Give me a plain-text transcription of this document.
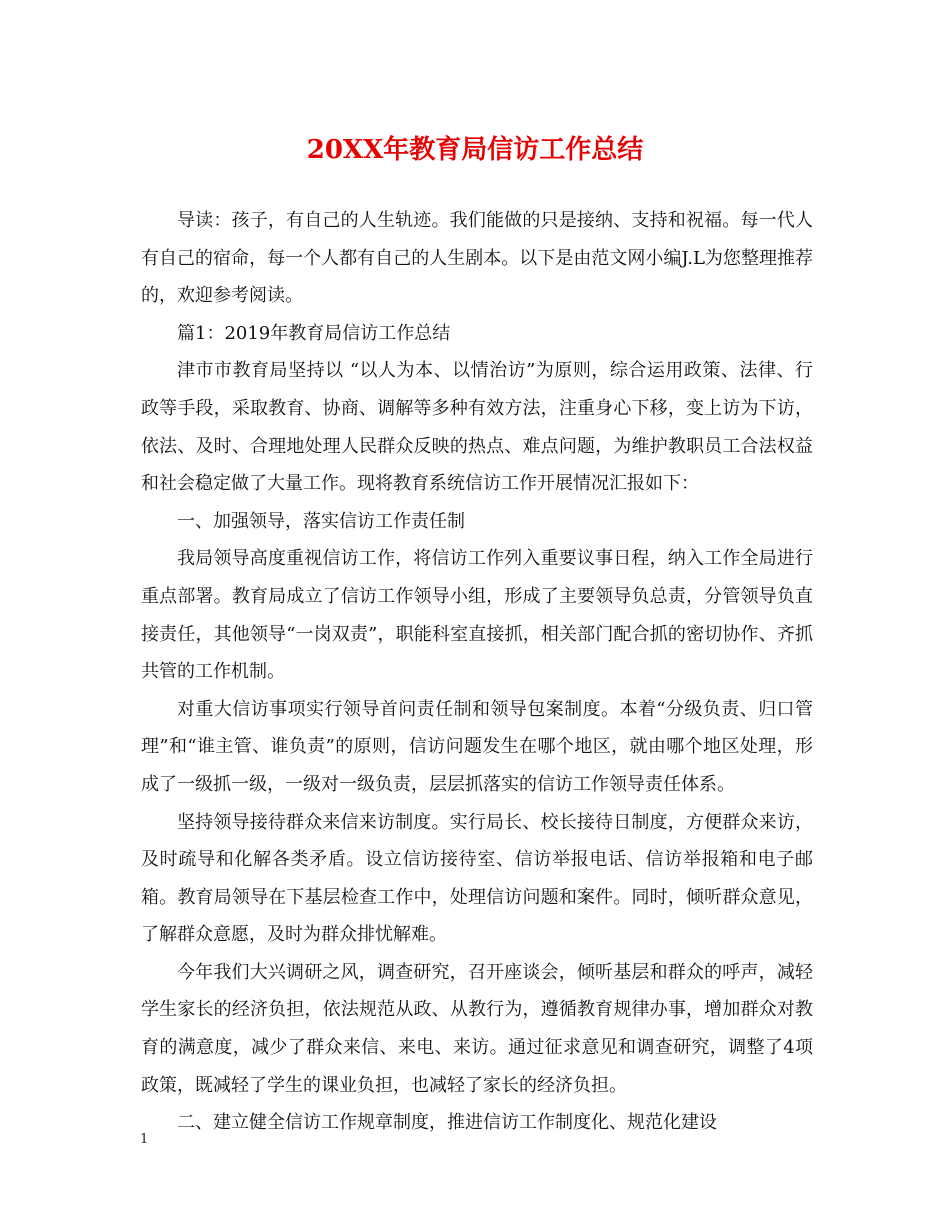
20XX年教育局信访工作总结

导读：孩子，有自己的人生轨迹。我们能做的只是接纳、支持和祝福。每一代人有自己的宿命，每一个人都有自己的人生剧本。以下是由范文网小编J.L为您整理推荐的，欢迎参考阅读。

篇1：2019年教育局信访工作总结

津市市教育局坚持以 “以人为本、以情治访”为原则，综合运用政策、法律、行政等手段，采取教育、协商、调解等多种有效方法，注重身心下移，变上访为下访，依法、及时、合理地处理人民群众反映的热点、难点问题，为维护教职员工合法权益和社会稳定做了大量工作。现将教育系统信访工作开展情况汇报如下：

一、加强领导，落实信访工作责任制

我局领导高度重视信访工作，将信访工作列入重要议事日程，纳入工作全局进行重点部署。教育局成立了信访工作领导小组，形成了主要领导负总责，分管领导负直接责任，其他领导“一岗双责”，职能科室直接抓，相关部门配合抓的密切协作、齐抓共管的工作机制。

对重大信访事项实行领导首问责任制和领导包案制度。本着“分级负责、归口管理”和“谁主管、谁负责”的原则，信访问题发生在哪个地区，就由哪个地区处理，形成了一级抓一级，一级对一级负责，层层抓落实的信访工作领导责任体系。

坚持领导接待群众来信来访制度。实行局长、校长接待日制度，方便群众来访，及时疏导和化解各类矛盾。设立信访接待室、信访举报电话、信访举报箱和电子邮箱。教育局领导在下基层检查工作中，处理信访问题和案件。同时，倾听群众意见，了解群众意愿，及时为群众排忧解难。

今年我们大兴调研之风，调查研究，召开座谈会，倾听基层和群众的呼声，减轻学生家长的经济负担，依法规范从政、从教行为，遵循教育规律办事，增加群众对教育的满意度，减少了群众来信、来电、来访。通过征求意见和调查研究，调整了4项政策，既减轻了学生的课业负担，也减轻了家长的经济负担。

二、建立健全信访工作规章制度，推进信访工作制度化、规范化建设

1
